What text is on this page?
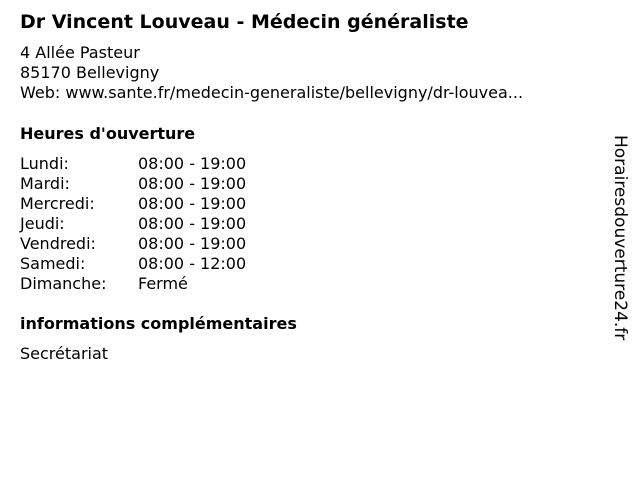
Dr Vincent Louveau - Médecin généraliste
4 Allée Pasteur
85170 Bellevigny
Web: www.sante.fr/medecin-generaliste/bellevigny/dr-louvea...
Heures d'ouverture
Lundi:	08:00 - 19:00
Mardi:	08:00 - 19:00
Mercredi:	08:00 - 19:00
Jeudi:	08:00 - 19:00
Vendredi:	08:00 - 19:00
Samedi:	08:00 - 12:00
Dimanche: Fermé
informations complémentaires
Secrétariat
Horairesdouverture24.fr
